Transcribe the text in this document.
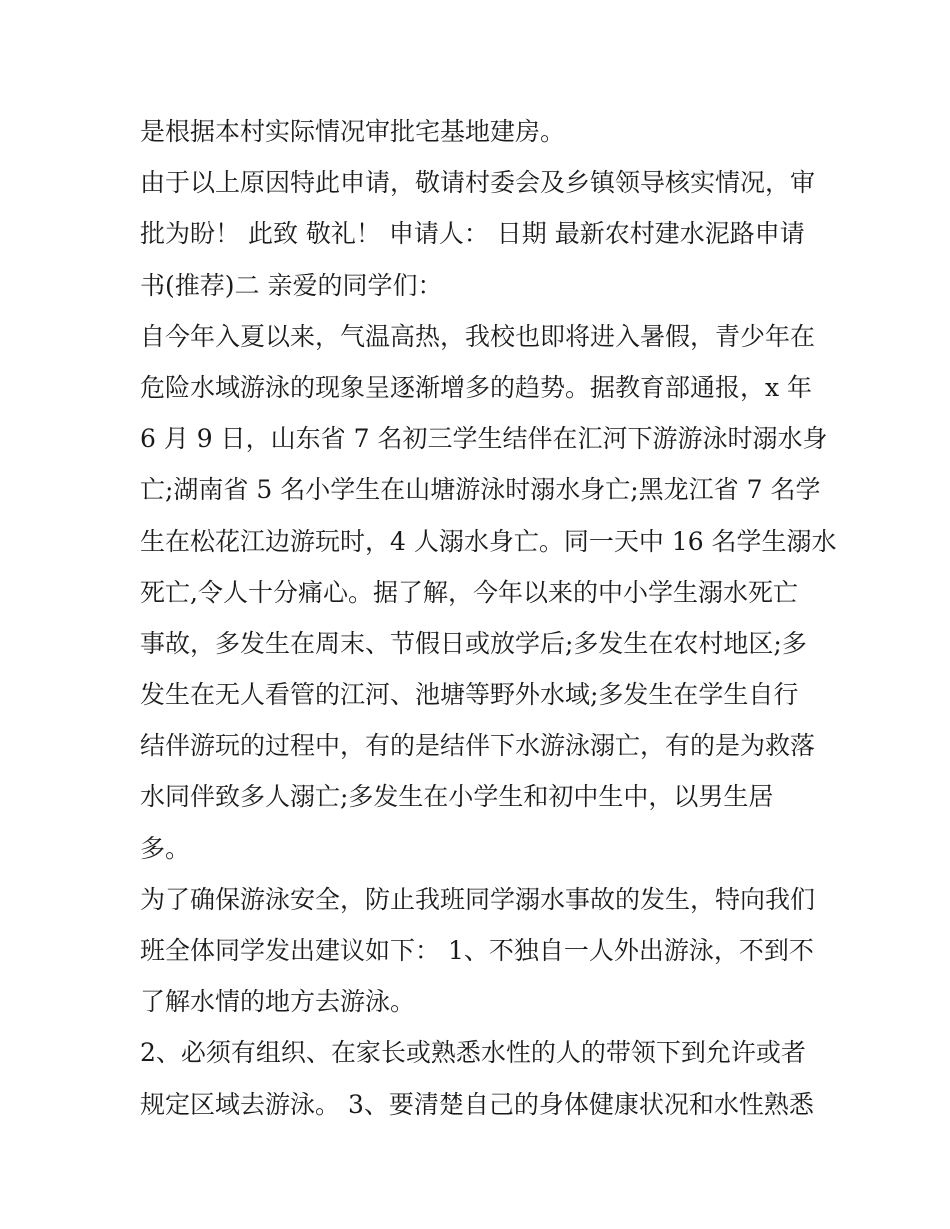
是根据本村实际情况审批宅基地建房。
由于以上原因特此申请，敬请村委会及乡镇领导核实情况，审
批为盼！ 此致 敬礼！ 申请人： 日期 最新农村建水泥路申请
书(推荐)二 亲爱的同学们：
自今年入夏以来，气温高热，我校也即将进入暑假，青少年在
危险水域游泳的现象呈逐渐增多的趋势。据教育部通报，x 年
6 月 9 日，山东省 7 名初三学生结伴在汇河下游游泳时溺水身
亡;湖南省 5 名小学生在山塘游泳时溺水身亡;黑龙江省 7 名学
生在松花江边游玩时，4 人溺水身亡。同一天中 16 名学生溺水
死亡,令人十分痛心。据了解，今年以来的中小学生溺水死亡
事故，多发生在周末、节假日或放学后;多发生在农村地区;多
发生在无人看管的江河、池塘等野外水域;多发生在学生自行
结伴游玩的过程中，有的是结伴下水游泳溺亡，有的是为救落
水同伴致多人溺亡;多发生在小学生和初中生中，以男生居
多。
为了确保游泳安全，防止我班同学溺水事故的发生，特向我们
班全体同学发出建议如下： 1、不独自一人外出游泳，不到不
了解水情的地方去游泳。
2、必须有组织、在家长或熟悉水性的人的带领下到允许或者
规定区域去游泳。 3、要清楚自己的身体健康状况和水性熟悉
